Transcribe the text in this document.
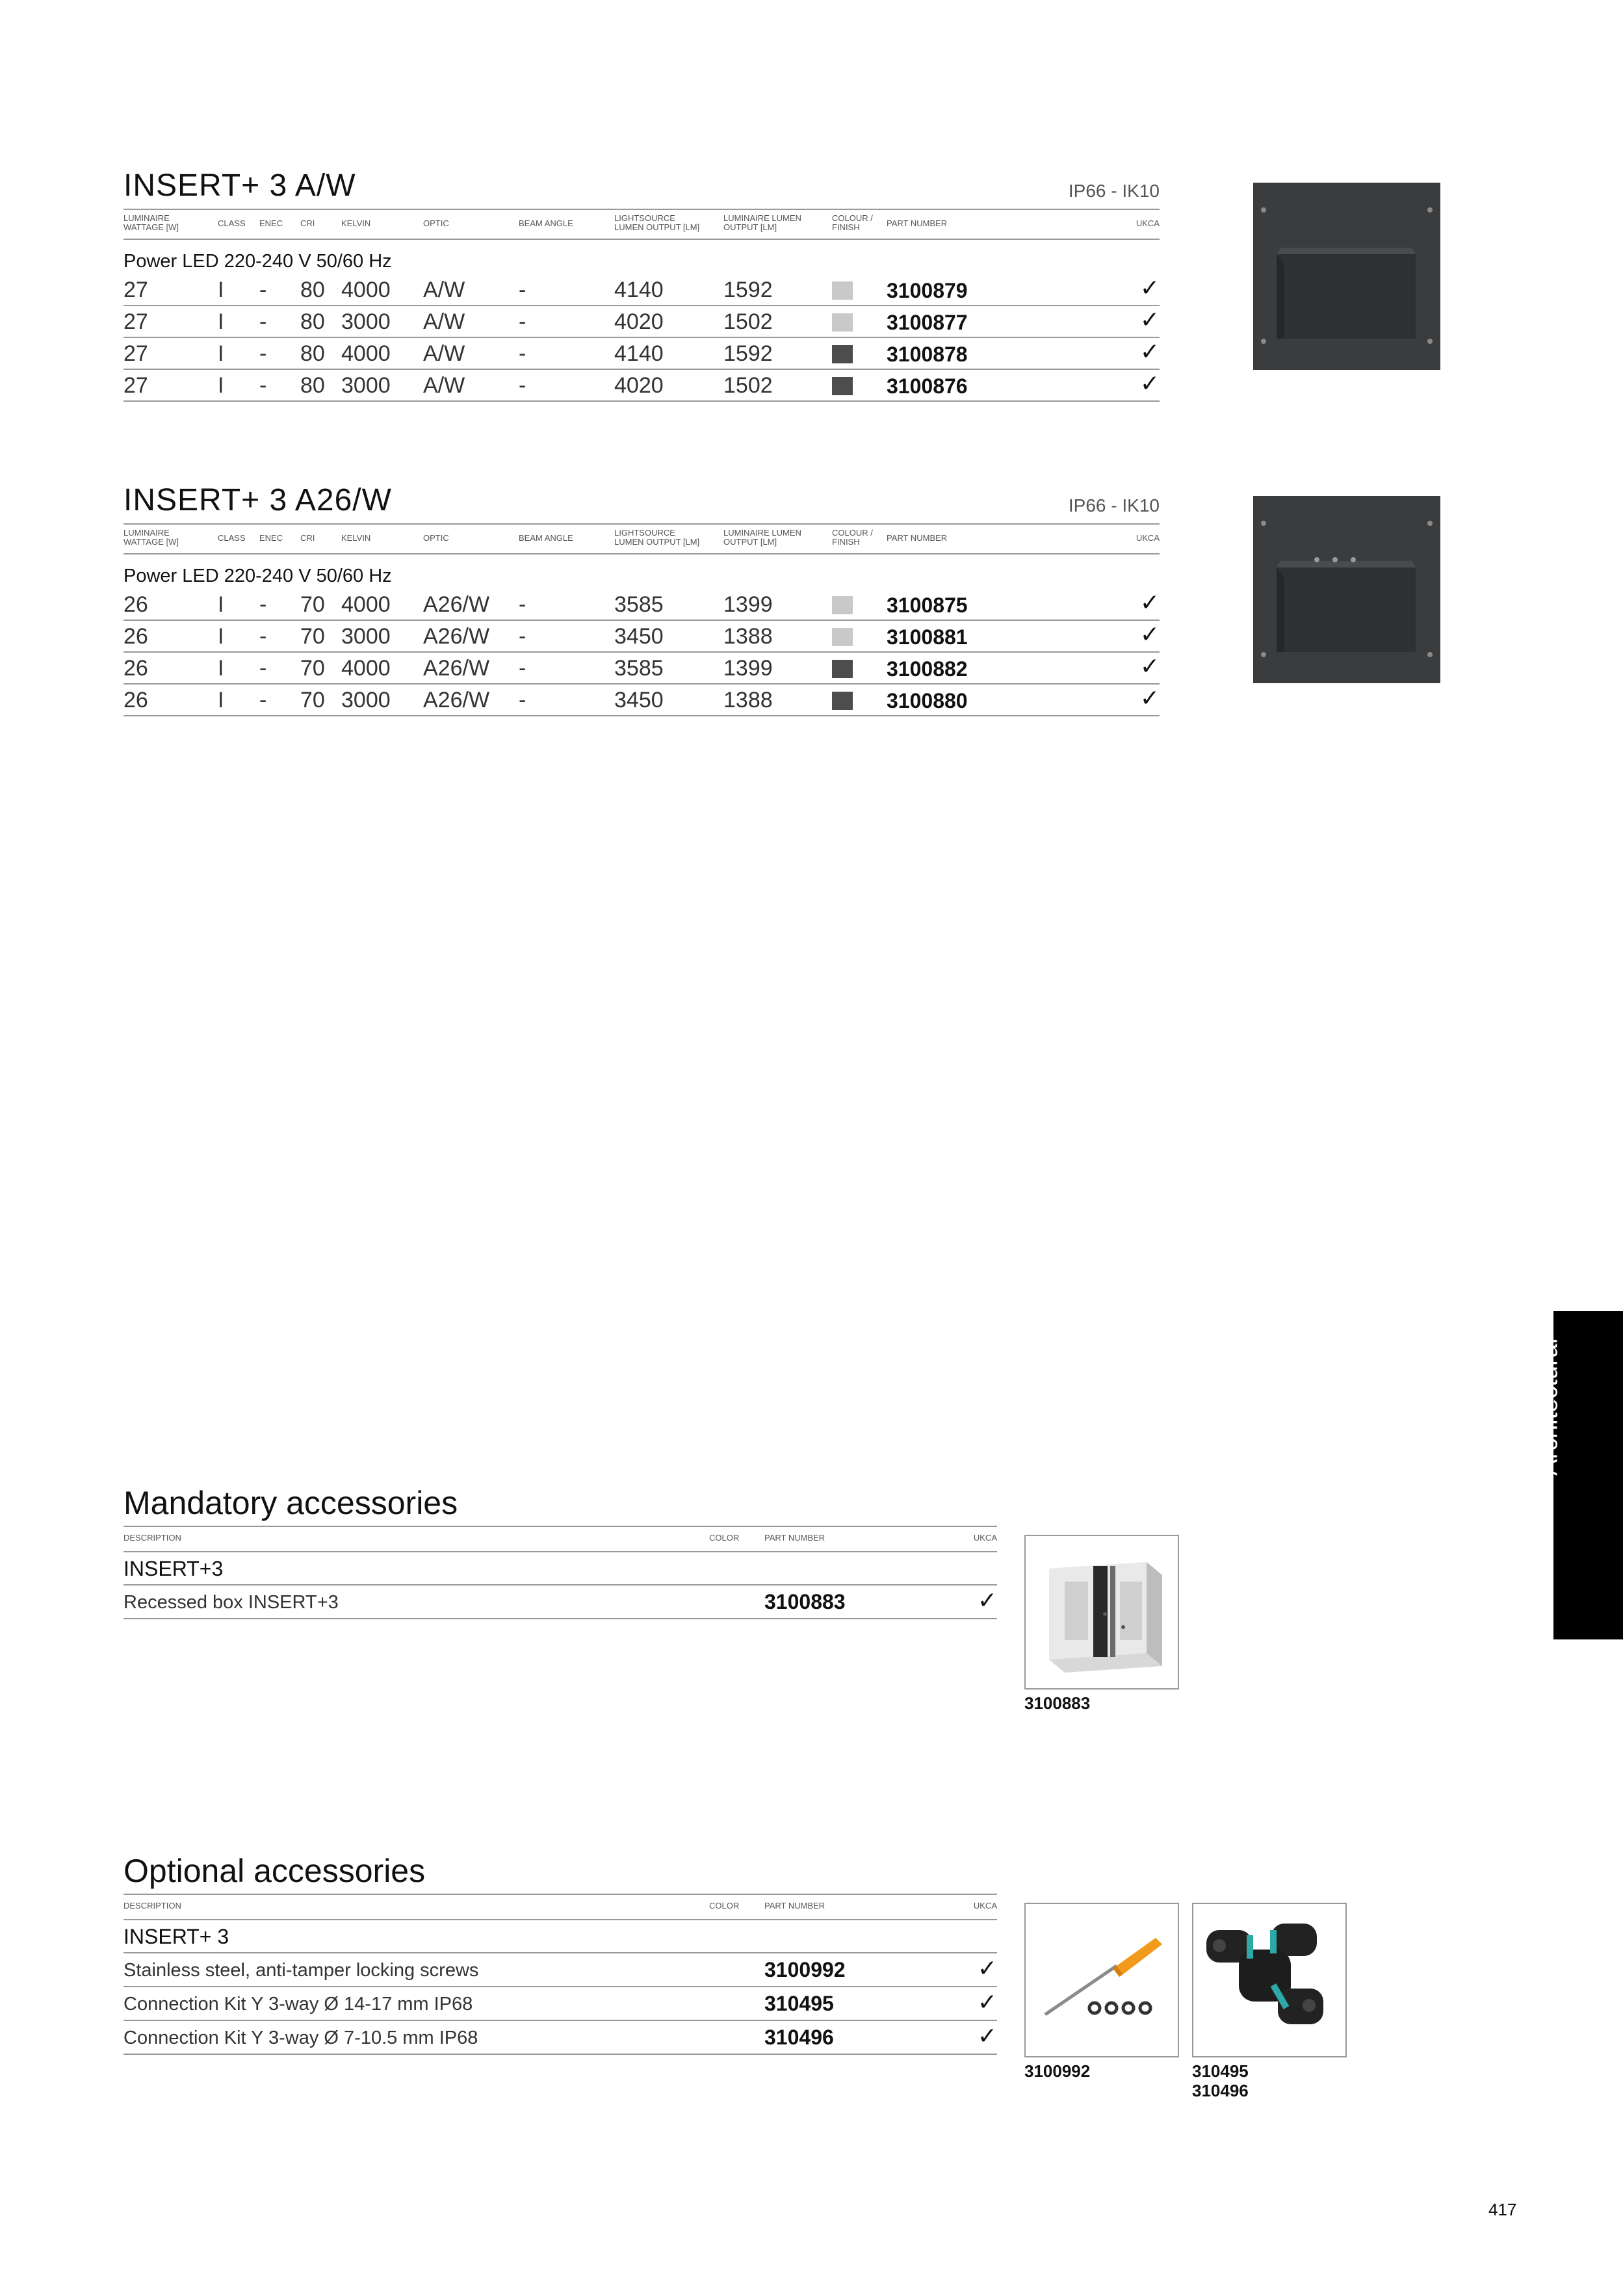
INSERT+ 3 A/W	IP66 - IK10
LUMINAIRE WATTAGE [W]	CLASS ENEC CRI	KELVIN	OPTIC	BEAM ANGLE
LIGHTSOURCE LUMEN OUTPUT [LM]
LUMINAIRE LUMEN OUTPUT [LM]
COLOUR / FINISH	PART NUMBER	UKCA
Power LED 220-240 V 50/60 Hz
27	I - 80 4000 A/W -	4140	1592	3100879	✓
27	I - 80 3000 A/W -	4020	1502	3100877	✓
27	I - 80 4000 A/W -	4140	1592	3100878	✓
27	I - 80 3000 A/W -	4020	1502	3100876	✓
INSERT+ 3 A26/W	IP66 - IK10
LUMINAIRE WATTAGE [W]	CLASS ENEC CRI	KELVIN	OPTIC	BEAM ANGLE
LIGHTSOURCE LUMEN OUTPUT [LM]
LUMINAIRE LUMEN OUTPUT [LM]
COLOUR / FINISH	PART NUMBER	UKCA
Power LED 220-240 V 50/60 Hz
26	I - 70 4000 A26/W -	3585	1399	3100875	✓
26	I - 70 3000 A26/W -	3450	1388	3100881	✓
26	I - 70 4000 A26/W -	3585	1399	3100882	✓
26	I - 70 3000 A26/W -	3450	1388	3100880	✓
Mandatory accessories
DESCRIPTION	COLOR	PART NUMBER	UKCA
INSERT+3
Recessed box INSERT+3	3100883	✓
3100883
Optional accessories
DESCRIPTION	COLOR	PART NUMBER	UKCA
INSERT+ 3
Stainless steel, anti-tamper locking screws	3100992	✓
Connection Kit Y 3-way Ø 14-17 mm IP68	310495	✓
Connection Kit Y 3-way Ø 7-10.5 mm IP68	310496	✓
3100992	310495
310496
Architectural
417
